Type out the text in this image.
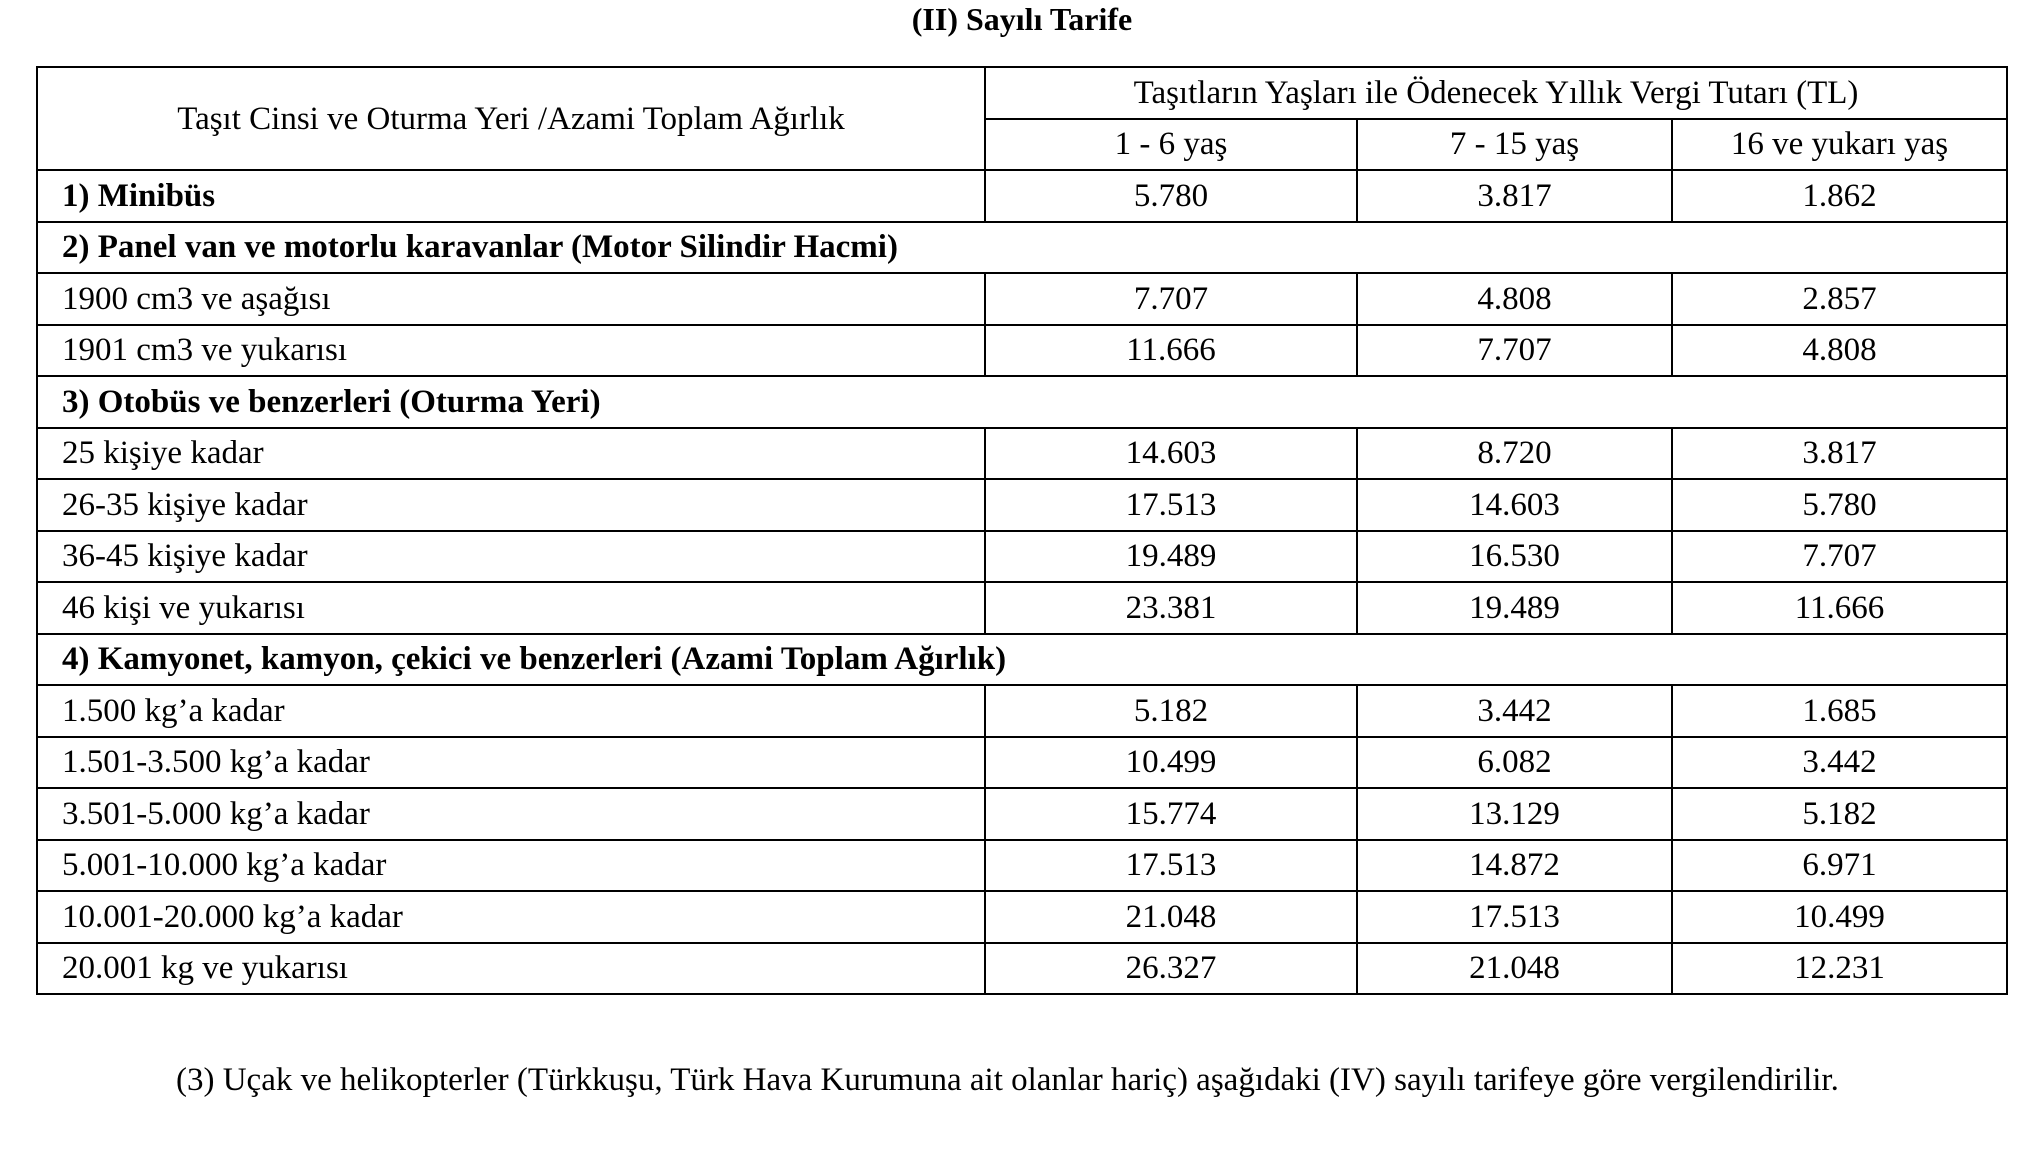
(II) Sayılı Tarife
Taşıt Cinsi ve Oturma Yeri /Azami Toplam Ağırlık	Taşıtların Yaşları ile Ödenecek Yıllık Vergi Tutarı (TL)		
	1 - 6 yaş	7 - 15 yaş	16 ve yukarı yaş
1) Minibüs	5.780	3.817	1.862
2) Panel van ve motorlu karavanlar (Motor Silindir Hacmi)			
1900 cm3 ve aşağısı	7.707	4.808	2.857
1901 cm3 ve yukarısı	11.666	7.707	4.808
3) Otobüs ve benzerleri (Oturma Yeri)			
25 kişiye kadar	14.603	8.720	3.817
26-35 kişiye kadar	17.513	14.603	5.780
36-45 kişiye kadar	19.489	16.530	7.707
46 kişi ve yukarısı	23.381	19.489	11.666
4) Kamyonet, kamyon, çekici ve benzerleri (Azami Toplam Ağırlık)			
1.500 kg’a kadar	5.182	3.442	1.685
1.501-3.500 kg’a kadar	10.499	6.082	3.442
3.501-5.000 kg’a kadar	15.774	13.129	5.182
5.001-10.000 kg’a kadar	17.513	14.872	6.971
10.001-20.000 kg’a kadar	21.048	17.513	10.499
20.001 kg ve yukarısı	26.327	21.048	12.231

(3) Uçak ve helikopterler (Türkkuşu, Türk Hava Kurumuna ait olanlar hariç) aşağıdaki (IV) sayılı tarifeye göre vergilendirilir.
